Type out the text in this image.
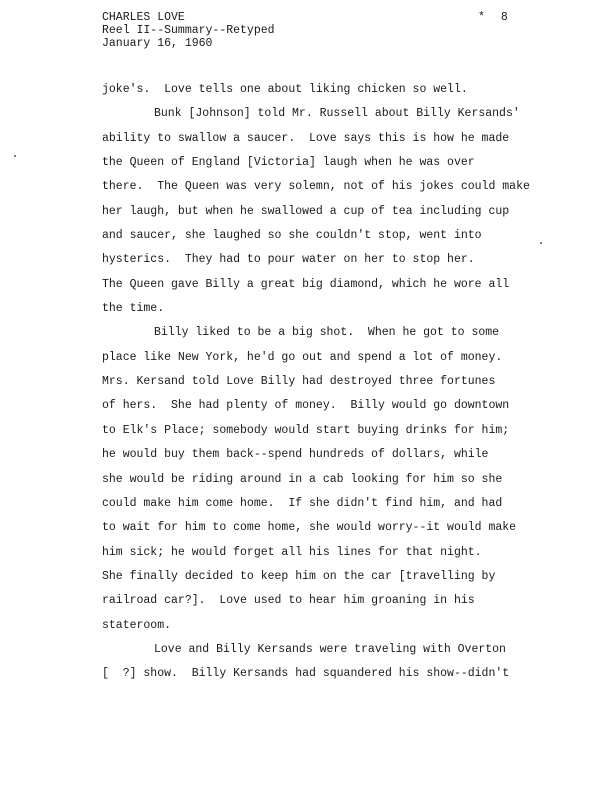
CHARLES LOVE
Reel II--Summary--Retyped
January 16, 1960
* 8
joke's.  Love tells one about liking chicken so well.
Bunk [Johnson] told Mr. Russell about Billy Kersands'
ability to swallow a saucer.  Love says this is how he made
the Queen of England [Victoria] laugh when he was over
there.  The Queen was very solemn, not of his jokes could make
her laugh, but when he swallowed a cup of tea including cup
and saucer, she laughed so she couldn't stop, went into
hysterics.  They had to pour water on her to stop her.
The Queen gave Billy a great big diamond, which he wore all
the time.
Billy liked to be a big shot.  When he got to some
place like New York, he'd go out and spend a lot of money.
Mrs. Kersand told Love Billy had destroyed three fortunes
of hers.  She had plenty of money.  Billy would go downtown
to Elk's Place; somebody would start buying drinks for him;
he would buy them back--spend hundreds of dollars, while
she would be riding around in a cab looking for him so she
could make him come home.  If she didn't find him, and had
to wait for him to come home, she would worry--it would make
him sick; he would forget all his lines for that night.
She finally decided to keep him on the car [travelling by
railroad car?].  Love used to hear him groaning in his
stateroom.
Love and Billy Kersands were traveling with Overton
[  ?] show.  Billy Kersands had squandered his show--didn't
